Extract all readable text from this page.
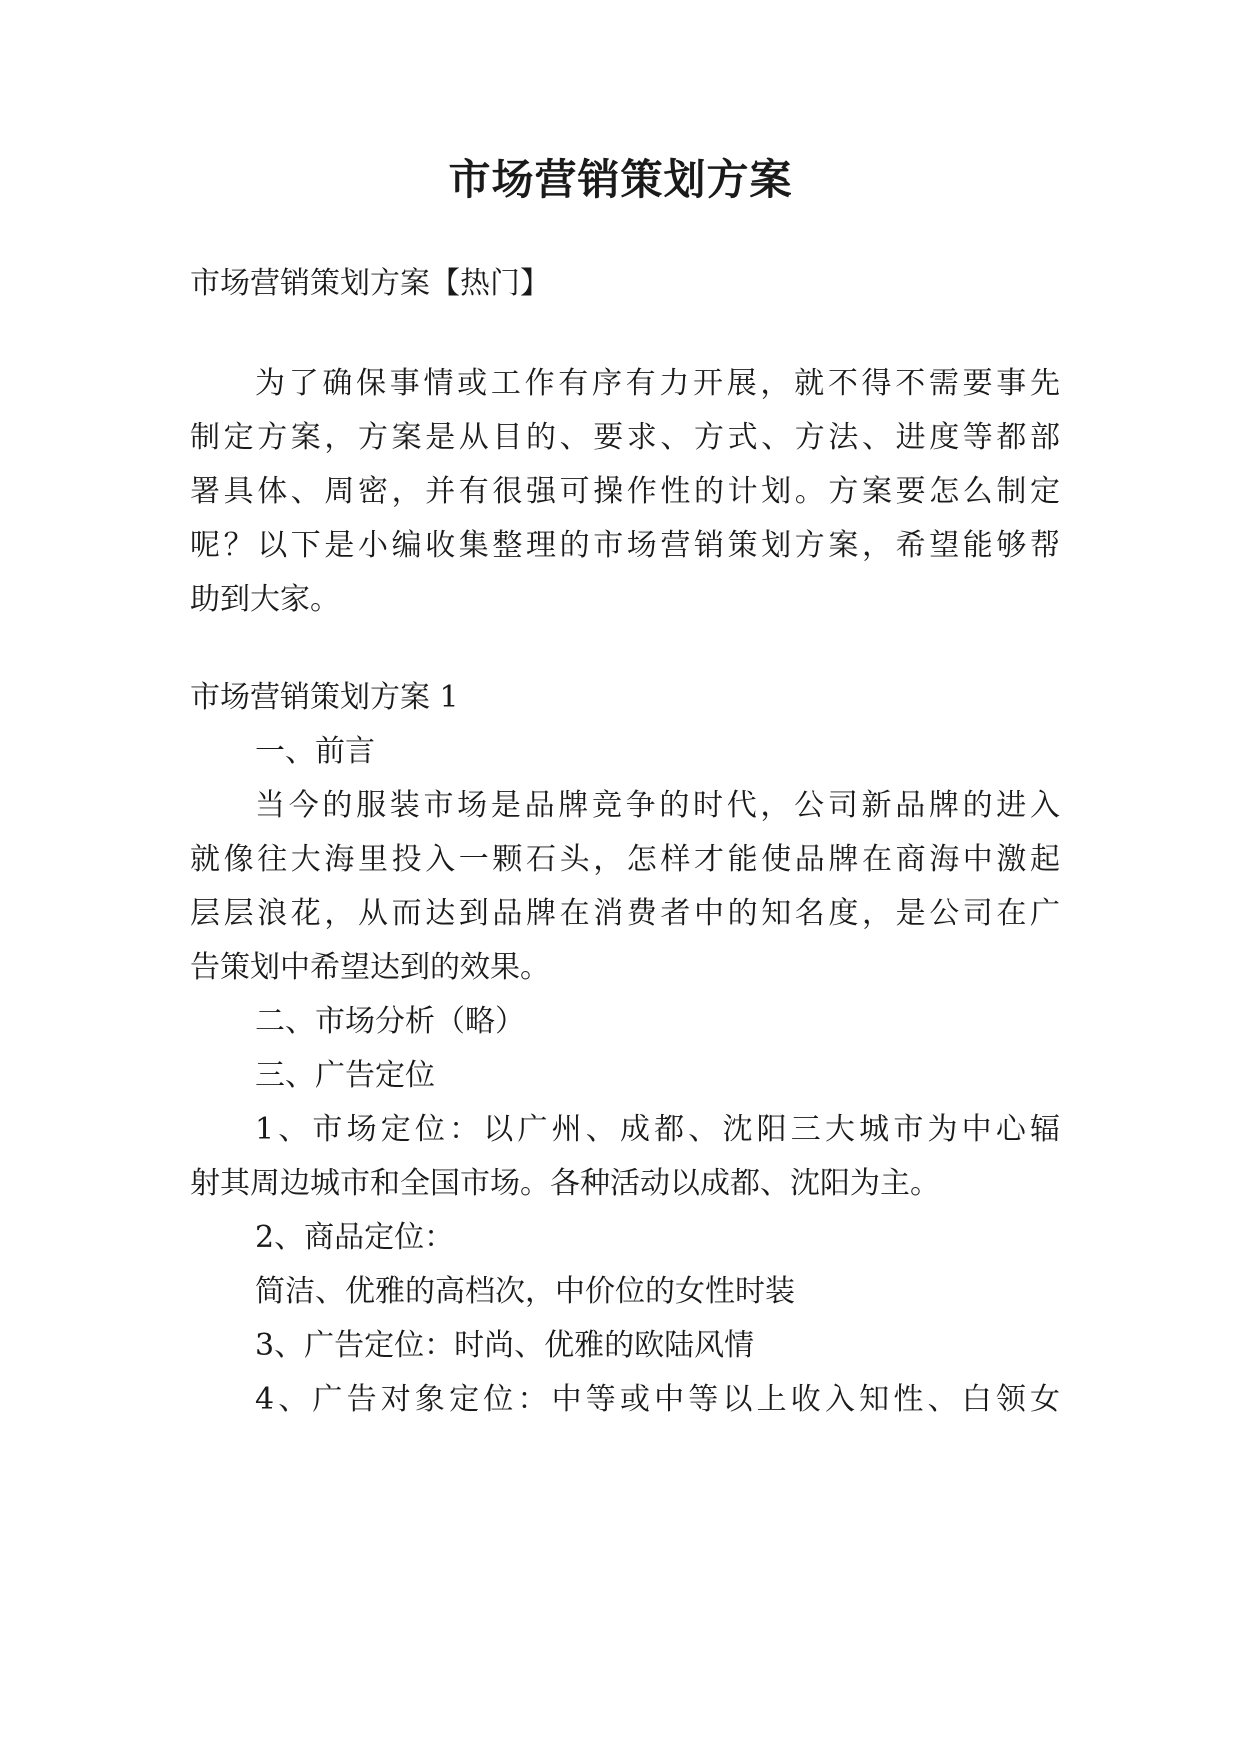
市场营销策划方案

市场营销策划方案【热门】

为了确保事情或工作有序有力开展，就不得不需要事先

制定方案，方案是从目的、要求、方式、方法、进度等都部

署具体、周密，并有很强可操作性的计划。方案要怎么制定

呢？以下是小编收集整理的市场营销策划方案，希望能够帮

助到大家。

市场营销策划方案 1

一、前言

当今的服装市场是品牌竞争的时代，公司新品牌的进入

就像往大海里投入一颗石头，怎样才能使品牌在商海中激起

层层浪花，从而达到品牌在消费者中的知名度，是公司在广

告策划中希望达到的效果。

二、市场分析（略）

三、广告定位

1、市场定位：以广州、成都、沈阳三大城市为中心辐

射其周边城市和全国市场。各种活动以成都、沈阳为主。

2、商品定位：

简洁、优雅的高档次，中价位的女性时装

3、广告定位：时尚、优雅的欧陆风情

4、广告对象定位：中等或中等以上收入知性、白领女
